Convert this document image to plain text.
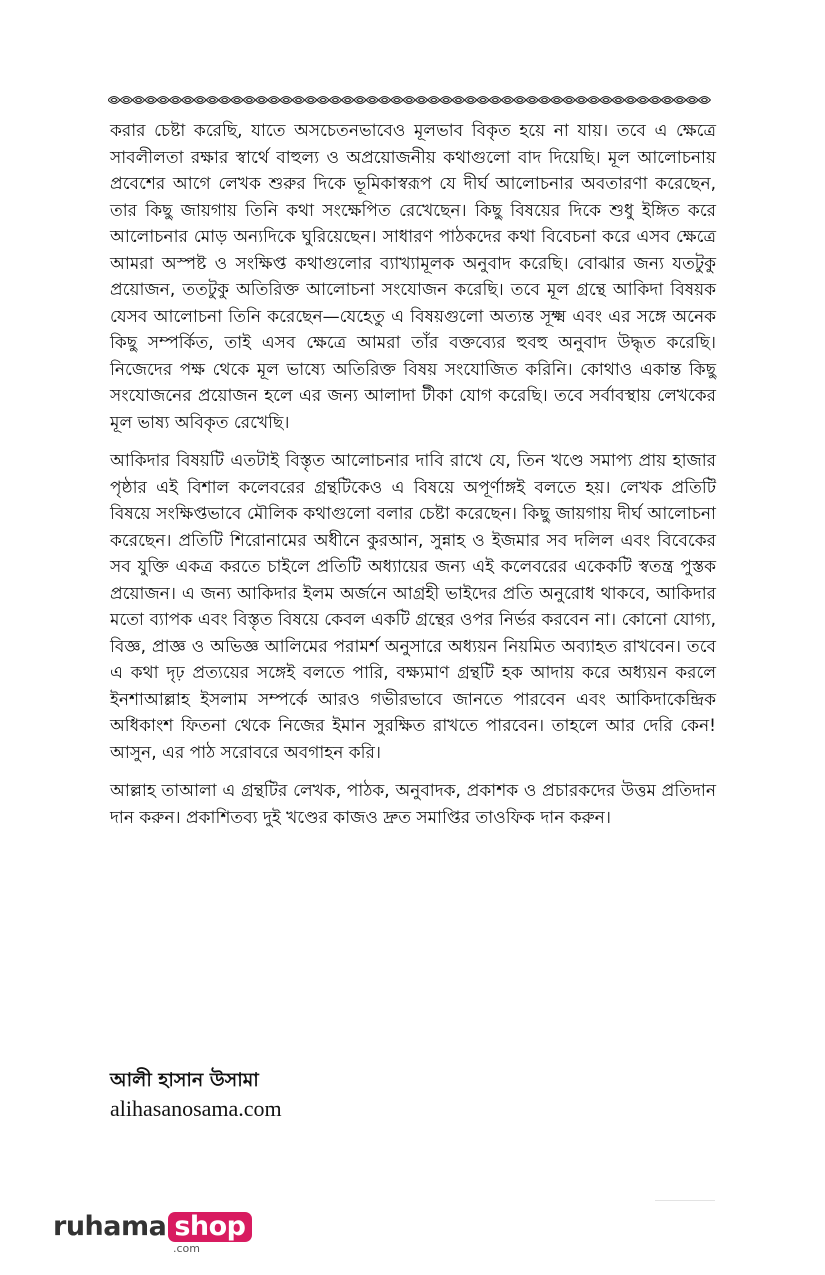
করার চেষ্টা করেছি, যাতে অসচেতনভাবেও মূলভাব বিকৃত হয়ে না যায়। তবে এ ক্ষেত্রে সাবলীলতা রক্ষার স্বার্থে বাহুল্য ও অপ্রয়োজনীয় কথাগুলো বাদ দিয়েছি। মূল আলোচনায় প্রবেশের আগে লেখক শুরুর দিকে ভূমিকাস্বরূপ যে দীর্ঘ আলোচনার অবতারণা করেছেন, তার কিছু জায়গায় তিনি কথা সংক্ষেপিত রেখেছেন। কিছু বিষয়ের দিকে শুধু ইঙ্গিত করে আলোচনার মোড় অন্যদিকে ঘুরিয়েছেন। সাধারণ পাঠকদের কথা বিবেচনা করে এসব ক্ষেত্রে আমরা অস্পষ্ট ও সংক্ষিপ্ত কথাগুলোর ব্যাখ্যামূলক অনুবাদ করেছি। বোঝার জন্য যতটুকু প্রয়োজন, ততটুকু অতিরিক্ত আলোচনা সংযোজন করেছি। তবে মূল গ্রন্থে আকিদা বিষয়ক যেসব আলোচনা তিনি করেছেন—যেহেতু এ বিষয়গুলো অত্যন্ত সূক্ষ্ম এবং এর সঙ্গে অনেক কিছু সম্পর্কিত, তাই এসব ক্ষেত্রে আমরা তাঁর বক্তব্যের হুবহু অনুবাদ উদ্ধৃত করেছি। নিজেদের পক্ষ থেকে মূল ভাষ্যে অতিরিক্ত বিষয় সংযোজিত করিনি। কোথাও একান্ত কিছু সংযোজনের প্রয়োজন হলে এর জন্য আলাদা টীকা যোগ করেছি। তবে সর্বাবস্থায় লেখকের মূল ভাষ্য অবিকৃত রেখেছি।

আকিদার বিষয়টি এতটাই বিস্তৃত আলোচনার দাবি রাখে যে, তিন খণ্ডে সমাপ্য প্রায় হাজার পৃষ্ঠার এই বিশাল কলেবরের গ্রন্থটিকেও এ বিষয়ে অপূর্ণাঙ্গই বলতে হয়। লেখক প্রতিটি বিষয়ে সংক্ষিপ্তভাবে মৌলিক কথাগুলো বলার চেষ্টা করেছেন। কিছু জায়গায় দীর্ঘ আলোচনা করেছেন। প্রতিটি শিরোনামের অধীনে কুরআন, সুন্নাহ ও ইজমার সব দলিল এবং বিবেকের সব যুক্তি একত্র করতে চাইলে প্রতিটি অধ্যায়ের জন্য এই কলেবরের একেকটি স্বতন্ত্র পুস্তক প্রয়োজন। এ জন্য আকিদার ইলম অর্জনে আগ্রহী ভাইদের প্রতি অনুরোধ থাকবে, আকিদার মতো ব্যাপক এবং বিস্তৃত বিষয়ে কেবল একটি গ্রন্থের ওপর নির্ভর করবেন না। কোনো যোগ্য, বিজ্ঞ, প্রাজ্ঞ ও অভিজ্ঞ আলিমের পরামর্শ অনুসারে অধ্যয়ন নিয়মিত অব্যাহত রাখবেন। তবে এ কথা দৃঢ় প্রত্যয়ের সঙ্গেই বলতে পারি, বক্ষ্যমাণ গ্রন্থটি হক আদায় করে অধ্যয়ন করলে ইনশাআল্লাহ ইসলাম সম্পর্কে আরও গভীরভাবে জানতে পারবেন এবং আকিদাকেন্দ্রিক অধিকাংশ ফিতনা থেকে নিজের ইমান সুরক্ষিত রাখতে পারবেন। তাহলে আর দেরি কেন! আসুন, এর পাঠ সরোবরে অবগাহন করি।

আল্লাহ তাআলা এ গ্রন্থটির লেখক, পাঠক, অনুবাদক, প্রকাশক ও প্রচারকদের উত্তম প্রতিদান দান করুন। প্রকাশিতব্য দুই খণ্ডের কাজও দ্রুত সমাপ্তির তাওফিক দান করুন।

আলী হাসান উসামা
alihasanosama.com
ruhama shop
.com
